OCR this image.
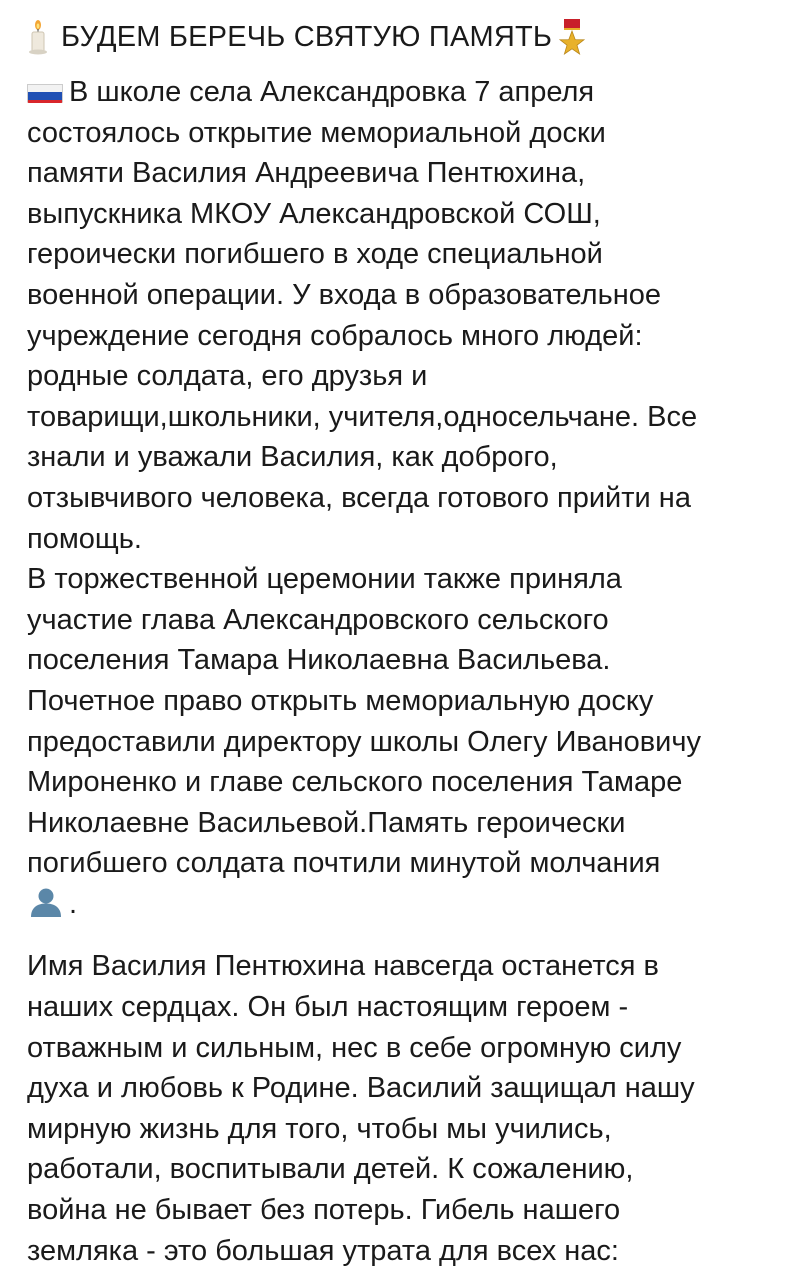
БУДЕМ БЕРЕЧЬ СВЯТУЮ ПАМЯТЬ
В школе села Александровка 7 апреля
состоялось открытие мемориальной доски
памяти Василия Андреевича Пентюхина,
выпускника МКОУ Александровской СОШ,
героически погибшего в ходе специальной
военной операции. У входа в образовательное
учреждение сегодня собралось много людей:
родные солдата, его друзья и
товарищи,школьники, учителя,односельчане. Все
знали и уважали Василия, как доброго,
отзывчивого человека, всегда готового прийти на
помощь.
В торжественной церемонии также приняла
участие глава Александровского сельского
поселения Тамара Николаевна Васильева.
Почетное право открыть мемориальную доску
предоставили директору школы Олегу Ивановичу
Мироненко и главе сельского поселения Тамаре
Николаевне Васильевой.Память героически
погибшего солдата почтили минутой молчания
.
Имя Василия Пентюхина навсегда останется в
наших сердцах. Он был настоящим героем -
отважным и сильным, нес в себе огромную силу
духа и любовь к Родине. Василий защищал нашу
мирную жизнь для того, чтобы мы учились,
работали, воспитывали детей. К сожалению,
война не бывает без потерь. Гибель нашего
земляка - это большая утрата для всех нас:
